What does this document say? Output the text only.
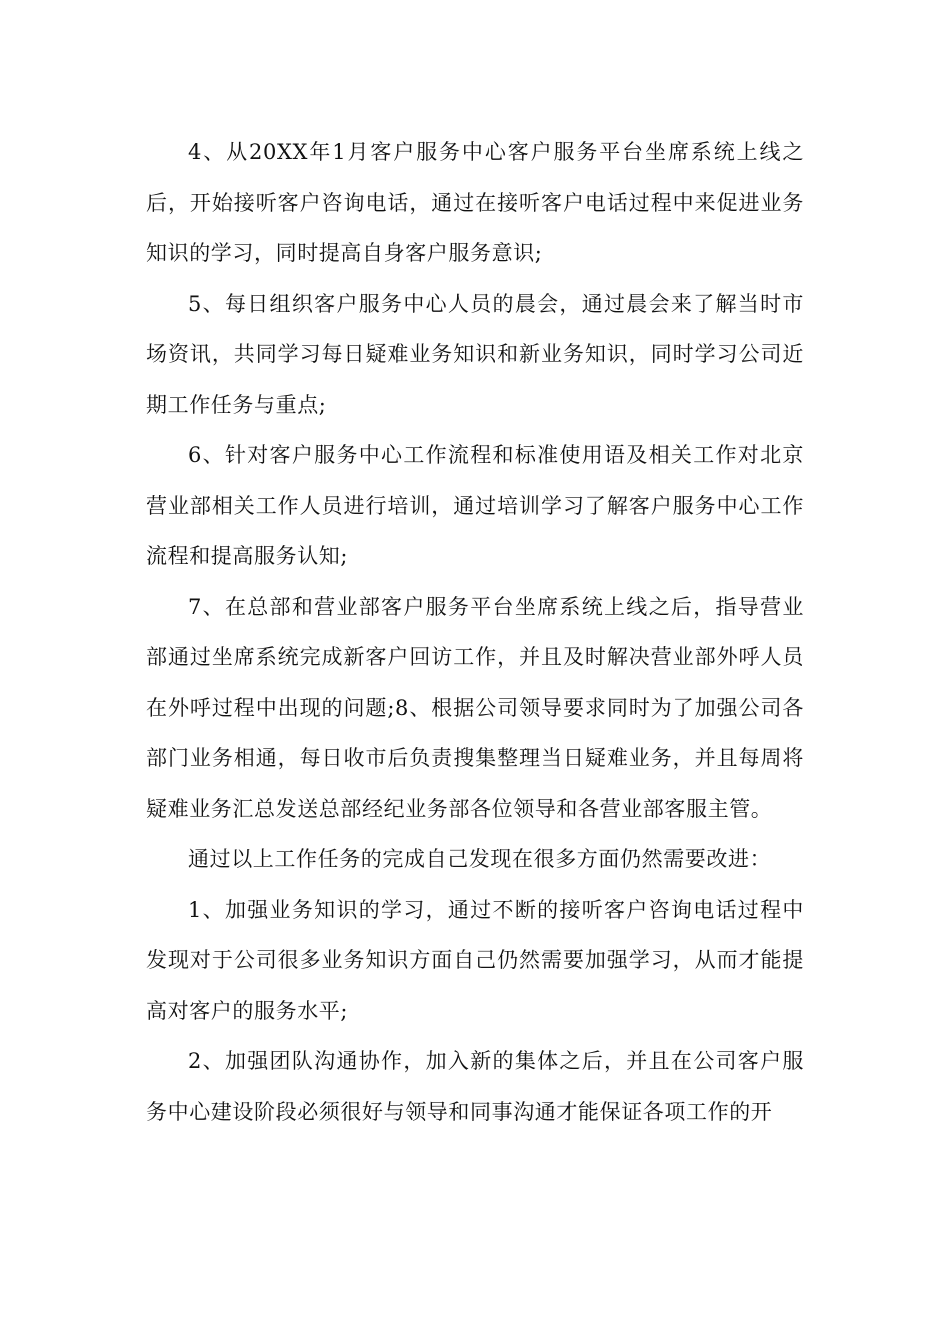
4、从20XX年1月客户服务中心客户服务平台坐席系统上线之后，开始接听客户咨询电话，通过在接听客户电话过程中来促进业务知识的学习，同时提高自身客户服务意识;

5、每日组织客户服务中心人员的晨会，通过晨会来了解当时市场资讯，共同学习每日疑难业务知识和新业务知识，同时学习公司近期工作任务与重点;

6、针对客户服务中心工作流程和标准使用语及相关工作对北京营业部相关工作人员进行培训，通过培训学习了解客户服务中心工作流程和提高服务认知;

7、在总部和营业部客户服务平台坐席系统上线之后，指导营业部通过坐席系统完成新客户回访工作，并且及时解决营业部外呼人员在外呼过程中出现的问题;8、根据公司领导要求同时为了加强公司各部门业务相通，每日收市后负责搜集整理当日疑难业务，并且每周将疑难业务汇总发送总部经纪业务部各位领导和各营业部客服主管。

通过以上工作任务的完成自己发现在很多方面仍然需要改进：

1、加强业务知识的学习，通过不断的接听客户咨询电话过程中发现对于公司很多业务知识方面自己仍然需要加强学习，从而才能提高对客户的服务水平;

2、加强团队沟通协作，加入新的集体之后，并且在公司客户服务中心建设阶段必须很好与领导和同事沟通才能保证各项工作的开
